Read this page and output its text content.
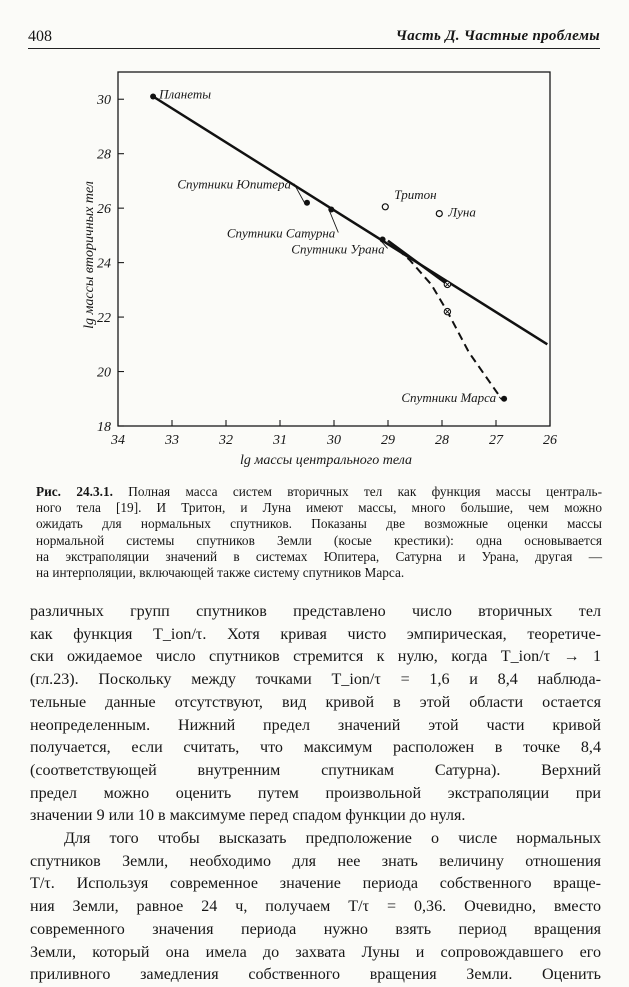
408	Часть Д. Частные проблемы
34	33	32	31	30	29	28	27	26
30
28
26
24
22
20
18
Планеты
Спутники Юпитера
Спутники Сатурна
Спутники Урана
Тритон
Луна
Спутники Марса
lg массы центрального тела
lg массы вторичных тел
Рис. 24.3.1. Полная масса систем вторичных тел как функция массы централь-
ного тела [19]. И Тритон, и Луна имеют массы, много большие, чем можно
ожидать для нормальных спутников. Показаны две возможные оценки массы
нормальной системы спутников Земли (косые крестики): одна основывается
на экстраполяции значений в системах Юпитера, Сатурна и Урана, другая —
на интерполяции, включающей также систему спутников Марса.

различных групп спутников представлено число вторичных тел
как функция T_ion/τ. Хотя кривая чисто эмпирическая, теоретиче-
ски ожидаемое число спутников стремится к нулю, когда T_ion/τ → 1
(гл.23). Поскольку между точками T_ion/τ = 1,6 и 8,4 наблюда-
тельные данные отсутствуют, вид кривой в этой области остается
неопределенным. Нижний предел значений этой части кривой
получается, если считать, что максимум расположен в точке 8,4
(соответствующей внутренним спутникам Сатурна). Верхний
предел можно оценить путем произвольной экстраполяции при
значении 9 или 10 в максимуме перед спадом функции до нуля.

Для того чтобы высказать предположение о числе нормальных
спутников Земли, необходимо для нее знать величину отношения
T/τ. Используя современное значение периода собственного враще-
ния Земли, равное 24 ч, получаем T/τ = 0,36. Очевидно, вместо
современного значения периода нужно взять период вращения
Земли, который она имела до захвата Луны и сопровождавшего его
приливного замедления собственного вращения Земли. Оценить
